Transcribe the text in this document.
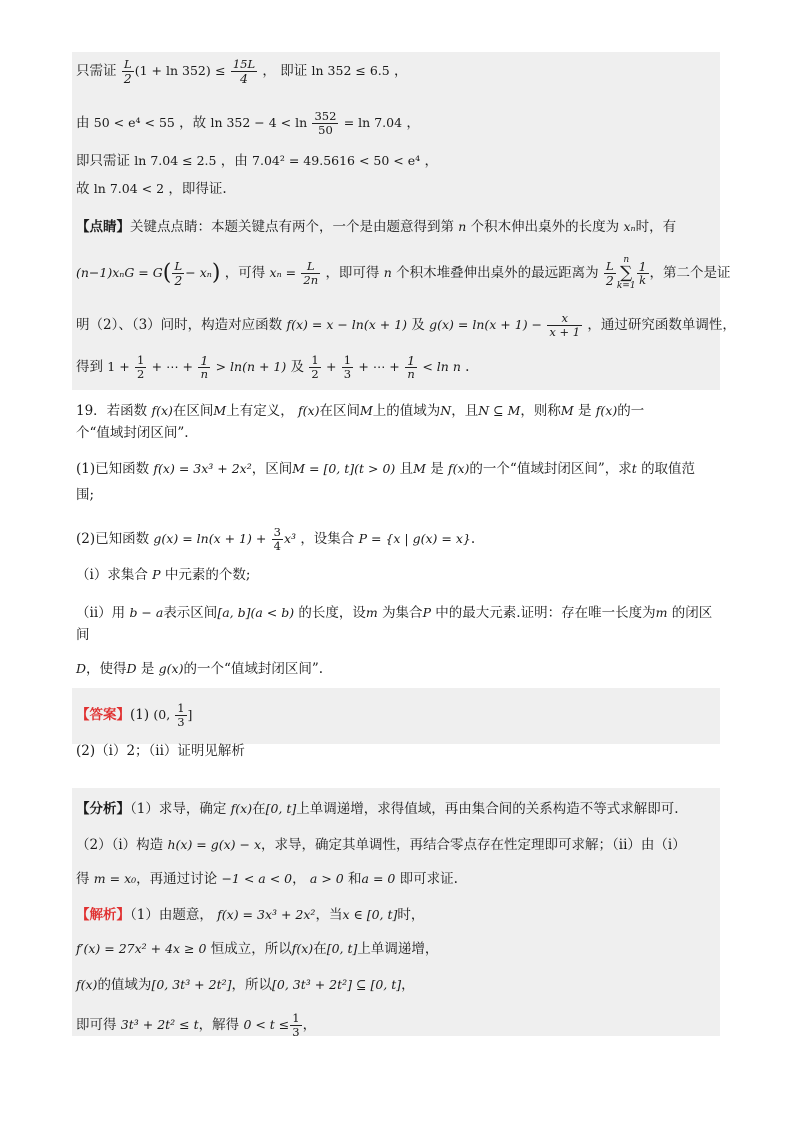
只需证 $\frac{L}{2} (1 + \ln 352) \le \frac{15L}{4}$ ， 即证 ln 352 ≤ 6.5 ，
由 50 < e⁴ < 55 ，故 $\ln 352 - 4 < \ln \frac{352}{50} = \ln 7.04$ ，
即只需证 ln 7.04 ≤ 2.5 ，由 7.04² = 49.5616 < 50 < e⁴ ，
故 ln 7.04 < 2 ，即得证.
【点睛】关键点点睛：本题关键点有两个，一个是由题意得到第 n 个积木伸出桌外的长度为 xₙ时，有
$(n-1)x_nG = G( \frac{L}{2} - x_n)$ ，可得 $x_n = \frac{L}{2n}$ ，即可得 n 个积木堆叠伸出桌外的最远距离为 $\frac{L}{2}$ n
∑
$k=1 \frac{1}{k}$ ，第二个是证
明（2）、（3）问时，构造对应函数 f(x) = x − ln(x + 1) 及 $g(x) = \ln(x + 1) - \frac{x}{x + 1}$ ，通过研究函数单调性，
得到 $1 + \frac{1}{2}$ + ⋯ + $\frac{1}{n} > \ln(n + 1)$ 及 $\frac{1}{2} + \frac{1}{3}$ + ⋯ + $\frac{1}{n} < \ln n$ .
19．若函数 f(x)在区间M上有定义， f(x)在区间M上的值域为N，且N ⊆ M，则称M 是 f(x)的一
个“值域封闭区间”.
(1)已知函数 f(x) = 3x³ + 2x²，区间M = [0, t](t > 0) 且M 是 f(x)的一个“值域封闭区间”，求t 的取值范
围;
(2)已知函数 $g(x) = \ln(x + 1) + \frac{3}{4} x^3$ ，设集合 P = {x | g(x) = x}.
（i）求集合 P 中元素的个数;
（ii）用 b − a表示区间[a, b](a < b) 的长度，设m 为集合P 中的最大元素.证明：存在唯一长度为m 的闭区
间
D，使得D 是 g(x)的一个“值域封闭区间”.
【答案】(1) (0, $\frac{1}{3}$ ]
(2)（i）2；（ii）证明见解析
【分析】（1）求导，确定 f(x)在[0, t]上单调递增，求得值域，再由集合间的关系构造不等式求解即可.
（2）（i）构造 h(x) = g(x) − x，求导，确定其单调性，再结合零点存在性定理即可求解；（ii）由（i）
得 m = x₀，再通过讨论 −1 < a < 0， a > 0 和a = 0 即可求证.
【解析】（1）由题意， f(x) = 3x³ + 2x²，当x ∈ [0, t]时，
f′(x) = 27x² + 4x ≥ 0 恒成立，所以f(x)在[0, t]上单调递增，
f(x)的值域为[0, 3t³ + 2t²]，所以[0, 3t³ + 2t²] ⊆ [0, t]，
即可得 3t³ + 2t² ≤ t，解得 $0 < t \le \frac{1}{3}$ ，
